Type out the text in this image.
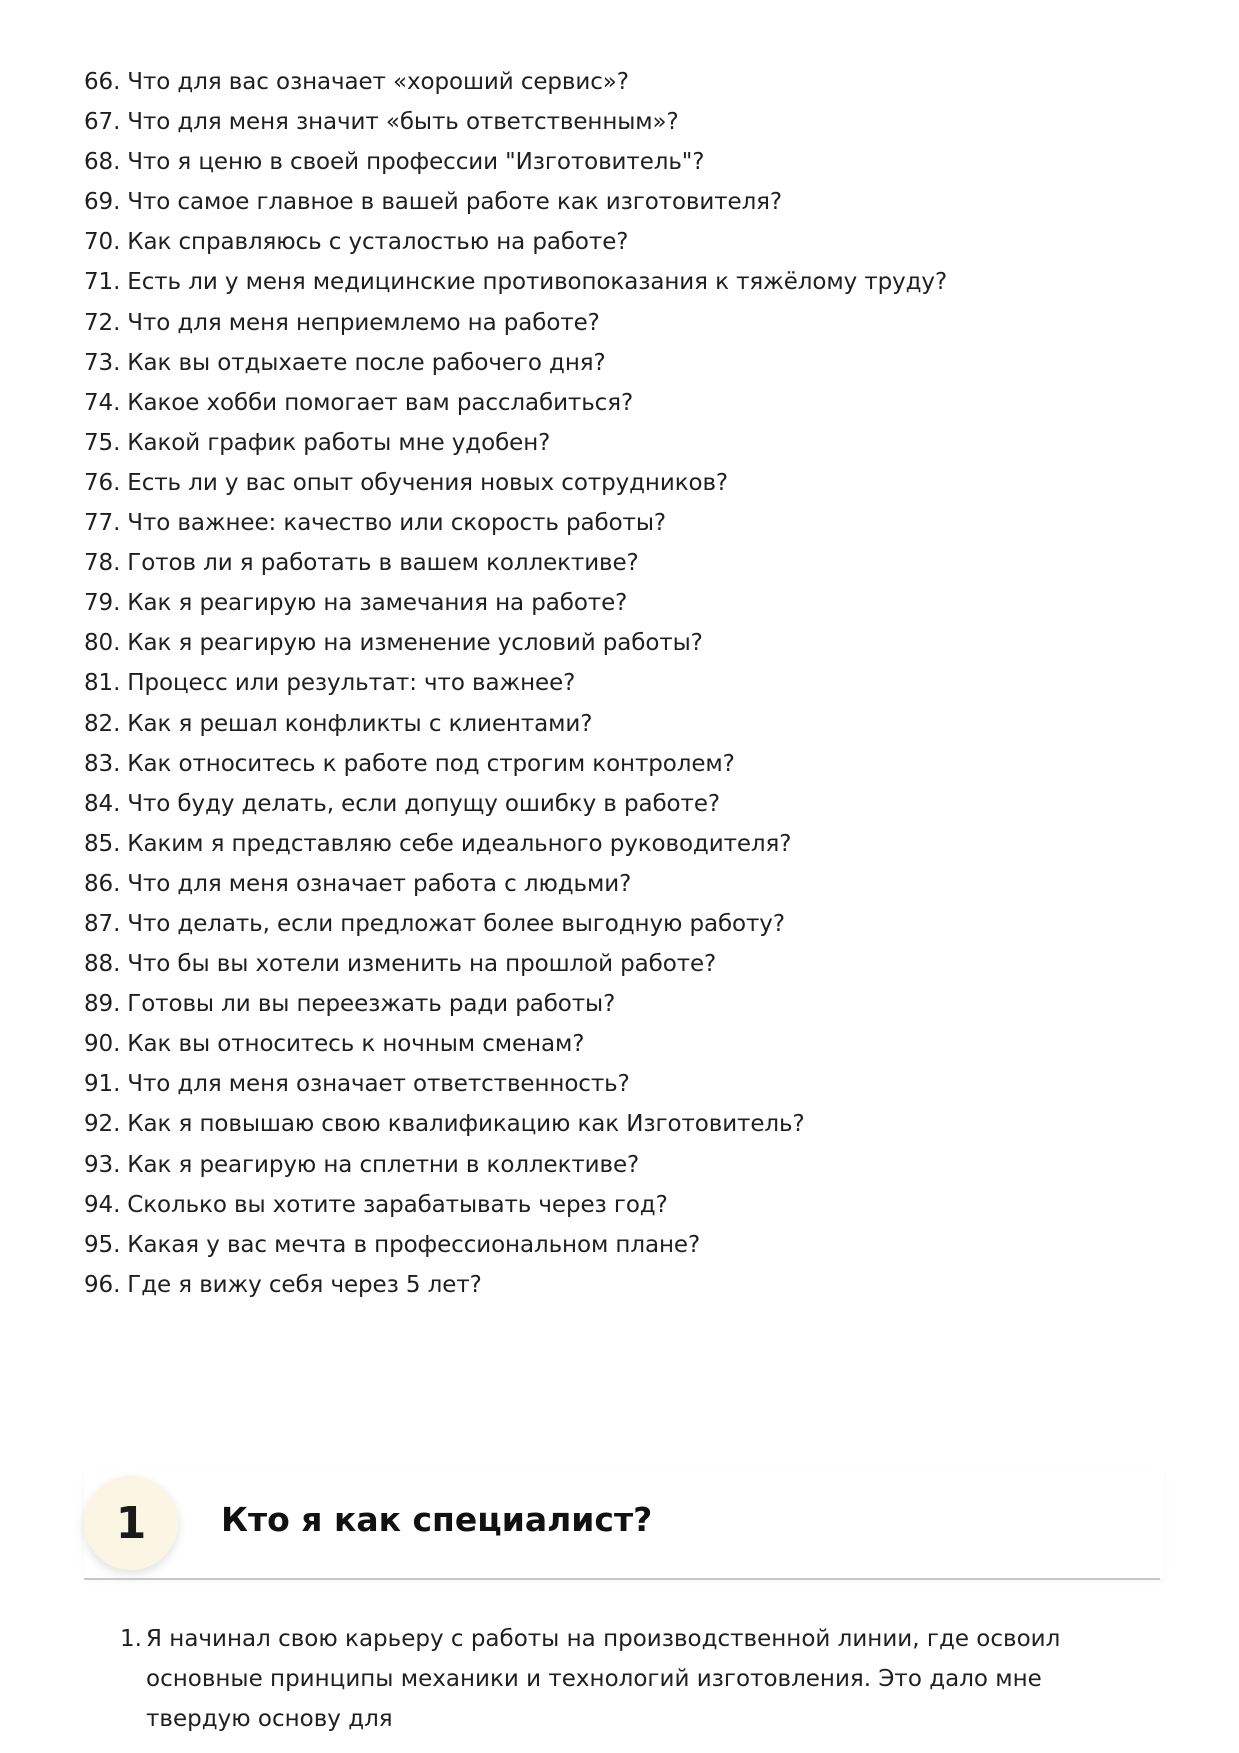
66. Что для вас означает «хороший сервис»?
67. Что для меня значит «быть ответственным»?
68. Что я ценю в своей профессии "Изготовитель"?
69. Что самое главное в вашей работе как изготовителя?
70. Как справляюсь с усталостью на работе?
71. Есть ли у меня медицинские противопоказания к тяжёлому труду?
72. Что для меня неприемлемо на работе?
73. Как вы отдыхаете после рабочего дня?
74. Какое хобби помогает вам расслабиться?
75. Какой график работы мне удобен?
76. Есть ли у вас опыт обучения новых сотрудников?
77. Что важнее: качество или скорость работы?
78. Готов ли я работать в вашем коллективе?
79. Как я реагирую на замечания на работе?
80. Как я реагирую на изменение условий работы?
81. Процесс или результат: что важнее?
82. Как я решал конфликты с клиентами?
83. Как относитесь к работе под строгим контролем?
84. Что буду делать, если допущу ошибку в работе?
85. Каким я представляю себе идеального руководителя?
86. Что для меня означает работа с людьми?
87. Что делать, если предложат более выгодную работу?
88. Что бы вы хотели изменить на прошлой работе?
89. Готовы ли вы переезжать ради работы?
90. Как вы относитесь к ночным сменам?
91. Что для меня означает ответственность?
92. Как я повышаю свою квалификацию как Изготовитель?
93. Как я реагирую на сплетни в коллективе?
94. Сколько вы хотите зарабатывать через год?
95. Какая у вас мечта в профессиональном плане?
96. Где я вижу себя через 5 лет?
1	Кто я как специалист?
1. Я начинал свою карьеру с работы на производственной линии, где освоил основные принципы механики и технологий изготовления. Это дало мне твердую основу для
